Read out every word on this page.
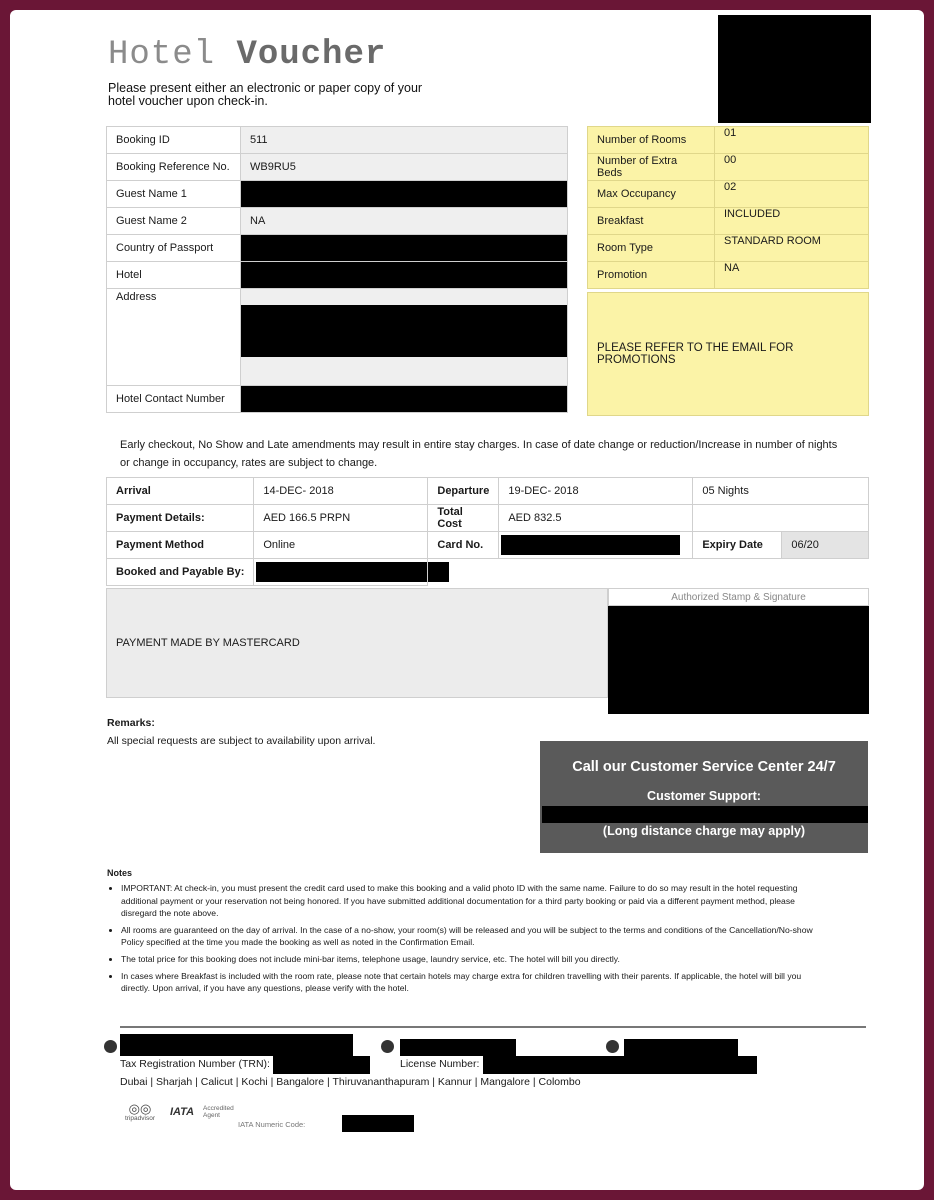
Hotel Voucher
Please present either an electronic or paper copy of your hotel voucher upon check-in.
Booking ID	511
Booking Reference No.	WB9RU5
Guest Name 1	
Guest Name 2	NA
Country of Passport	
Hotel	
Address	

Hotel Contact Number	
Number of Rooms	01
Number of Extra Beds	00
Max Occupancy	02
Breakfast	INCLUDED
Room Type	STANDARD ROOM
Promotion	NA
PLEASE REFER TO THE EMAIL FOR PROMOTIONS
Early checkout, No Show and Late amendments may result in entire stay charges. In case of date change or reduction/Increase in number of nights or change in occupancy, rates are subject to change.
Arrival	14-DEC- 2018	Departure	19-DEC- 2018	05 Nights	
Payment Details:	AED 166.5 PRPN	Total Cost	AED 832.5		
Payment Method	Online	Card No.		Expiry Date	06/20
Booked and Payable By:				

PAYMENT MADE BY MASTERCARD
Authorized Stamp & Signature
Remarks:
All special requests are subject to availability upon arrival.
Call our Customer Service Center 24/7
Customer Support:
(Long distance charge may apply)
Notes
• IMPORTANT: At check-in, you must present the credit card used to make this booking and a valid photo ID with the same name. Failure to do so may result in the hotel requesting additional payment or your reservation not being honored. If you have submitted additional documentation for a third party booking or paid via a different payment method, please disregard the note above.
• All rooms are guaranteed on the day of arrival. In the case of a no-show, your room(s) will be released and you will be subject to the terms and conditions of the Cancellation/No-show Policy specified at the time you made the booking as well as noted in the Confirmation Email.
• The total price for this booking does not include mini-bar items, telephone usage, laundry service, etc. The hotel will bill you directly.
• In cases where Breakfast is included with the room rate, please note that certain hotels may charge extra for children travelling with their parents. If applicable, the hotel will bill you directly. Upon arrival, if you have any questions, please verify with the hotel.
Tax Registration Number (TRN):	License Number:
Dubai | Sharjah | Calicut | Kochi | Bangalore | Thiruvananthapuram | Kannur | Mangalore | Colombo
◎◎
tripadvisor
IATA Accredited Agent
IATA Numeric Code:
